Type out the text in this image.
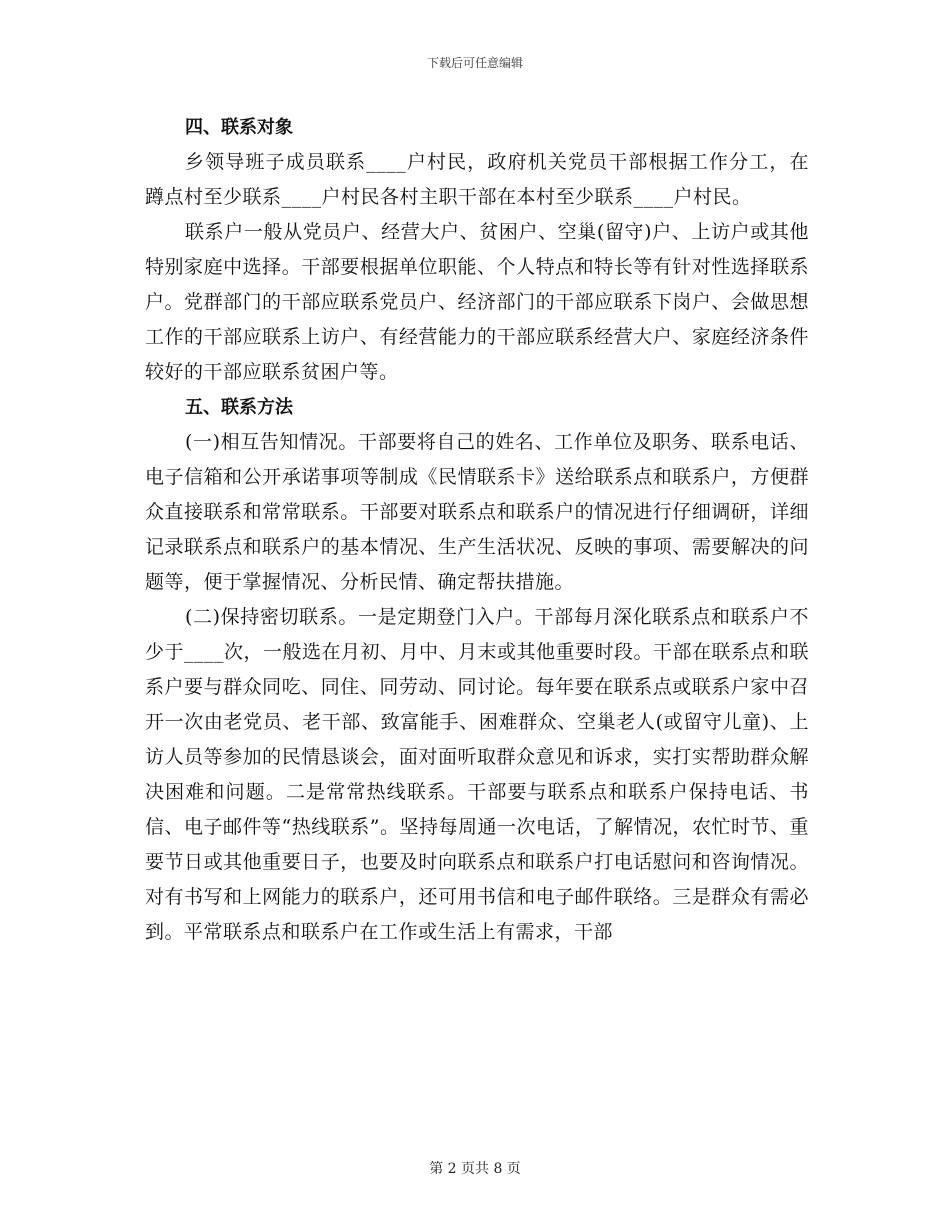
下载后可任意编辑
四、联系对象

乡领导班子成员联系____户村民，政府机关党员干部根据工作分工，在蹲点村至少联系____户村民各村主职干部在本村至少联系____户村民。

联系户一般从党员户、经营大户、贫困户、空巢(留守)户、上访户或其他特别家庭中选择。干部要根据单位职能、个人特点和特长等有针对性选择联系户。党群部门的干部应联系党员户、经济部门的干部应联系下岗户、会做思想工作的干部应联系上访户、有经营能力的干部应联系经营大户、家庭经济条件较好的干部应联系贫困户等。

五、联系方法

(一)相互告知情况。干部要将自己的姓名、工作单位及职务、联系电话、电子信箱和公开承诺事项等制成《民情联系卡》送给联系点和联系户，方便群众直接联系和常常联系。干部要对联系点和联系户的情况进行仔细调研，详细记录联系点和联系户的基本情况、生产生活状况、反映的事项、需要解决的问题等，便于掌握情况、分析民情、确定帮扶措施。

(二)保持密切联系。一是定期登门入户。干部每月深化联系点和联系户不少于____次，一般选在月初、月中、月末或其他重要时段。干部在联系点和联系户要与群众同吃、同住、同劳动、同讨论。每年要在联系点或联系户家中召开一次由老党员、老干部、致富能手、困难群众、空巢老人(或留守儿童)、上访人员等参加的民情恳谈会，面对面听取群众意见和诉求，实打实帮助群众解决困难和问题。二是常常热线联系。干部要与联系点和联系户保持电话、书信、电子邮件等“热线联系”。坚持每周通一次电话，了解情况，农忙时节、重要节日或其他重要日子，也要及时向联系点和联系户打电话慰问和咨询情况。对有书写和上网能力的联系户，还可用书信和电子邮件联络。三是群众有需必到。平常联系点和联系户在工作或生活上有需求，干部

第 2 页共 8 页
